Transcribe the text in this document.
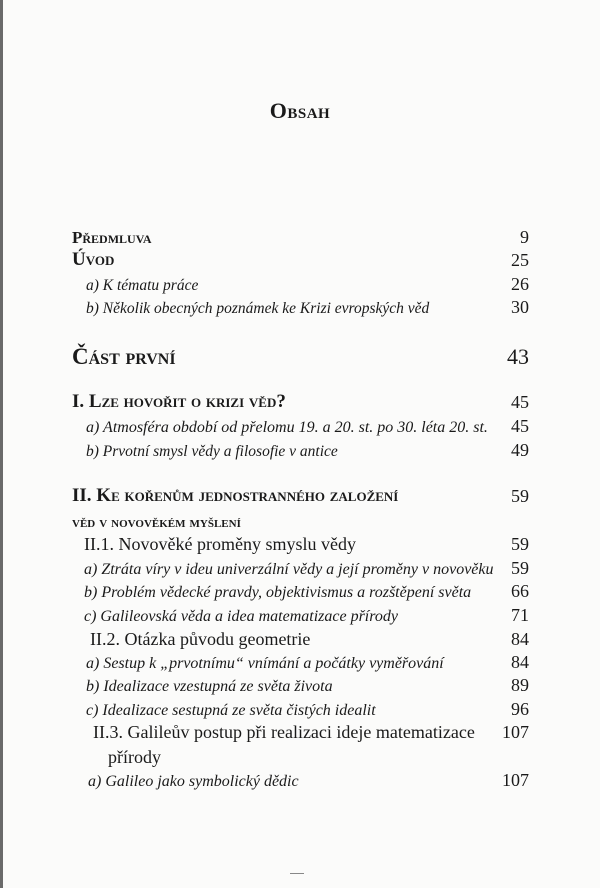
Obsah
Předmluva	9
Úvod	25
a) K tématu práce	26
b) Několik obecných poznámek ke Krizi evropských věd	30
Část první	43
I. Lze hovořit o krizi věd?	45
a) Atmosféra období od přelomu 19. a 20. st. po 30. léta 20. st. 45
b) Prvotní smysl vědy a filosofie v antice	49
II. Ke kořenům jednostranného založení	59
věd v novověkém myšlení
II.1. Novověké proměny smyslu vědy	59
a) Ztráta víry v ideu univerzální vědy a její proměny v novověku 59
b) Problém vědecké pravdy, objektivismus a rozštěpení světa 66
c) Galileovská věda a idea matematizace přírody	71
II.2. Otázka původu geometrie	84
a) Sestup k „prvotnímu“ vnímání a počátky vyměřování	84
b) Idealizace vzestupná ze světa života	89
c) Idealizace sestupná ze světa čistých idealit	96
II.3. Galileův postup při realizaci ideje matematizace 107
přírody
a) Galileo jako symbolický dědic	107
